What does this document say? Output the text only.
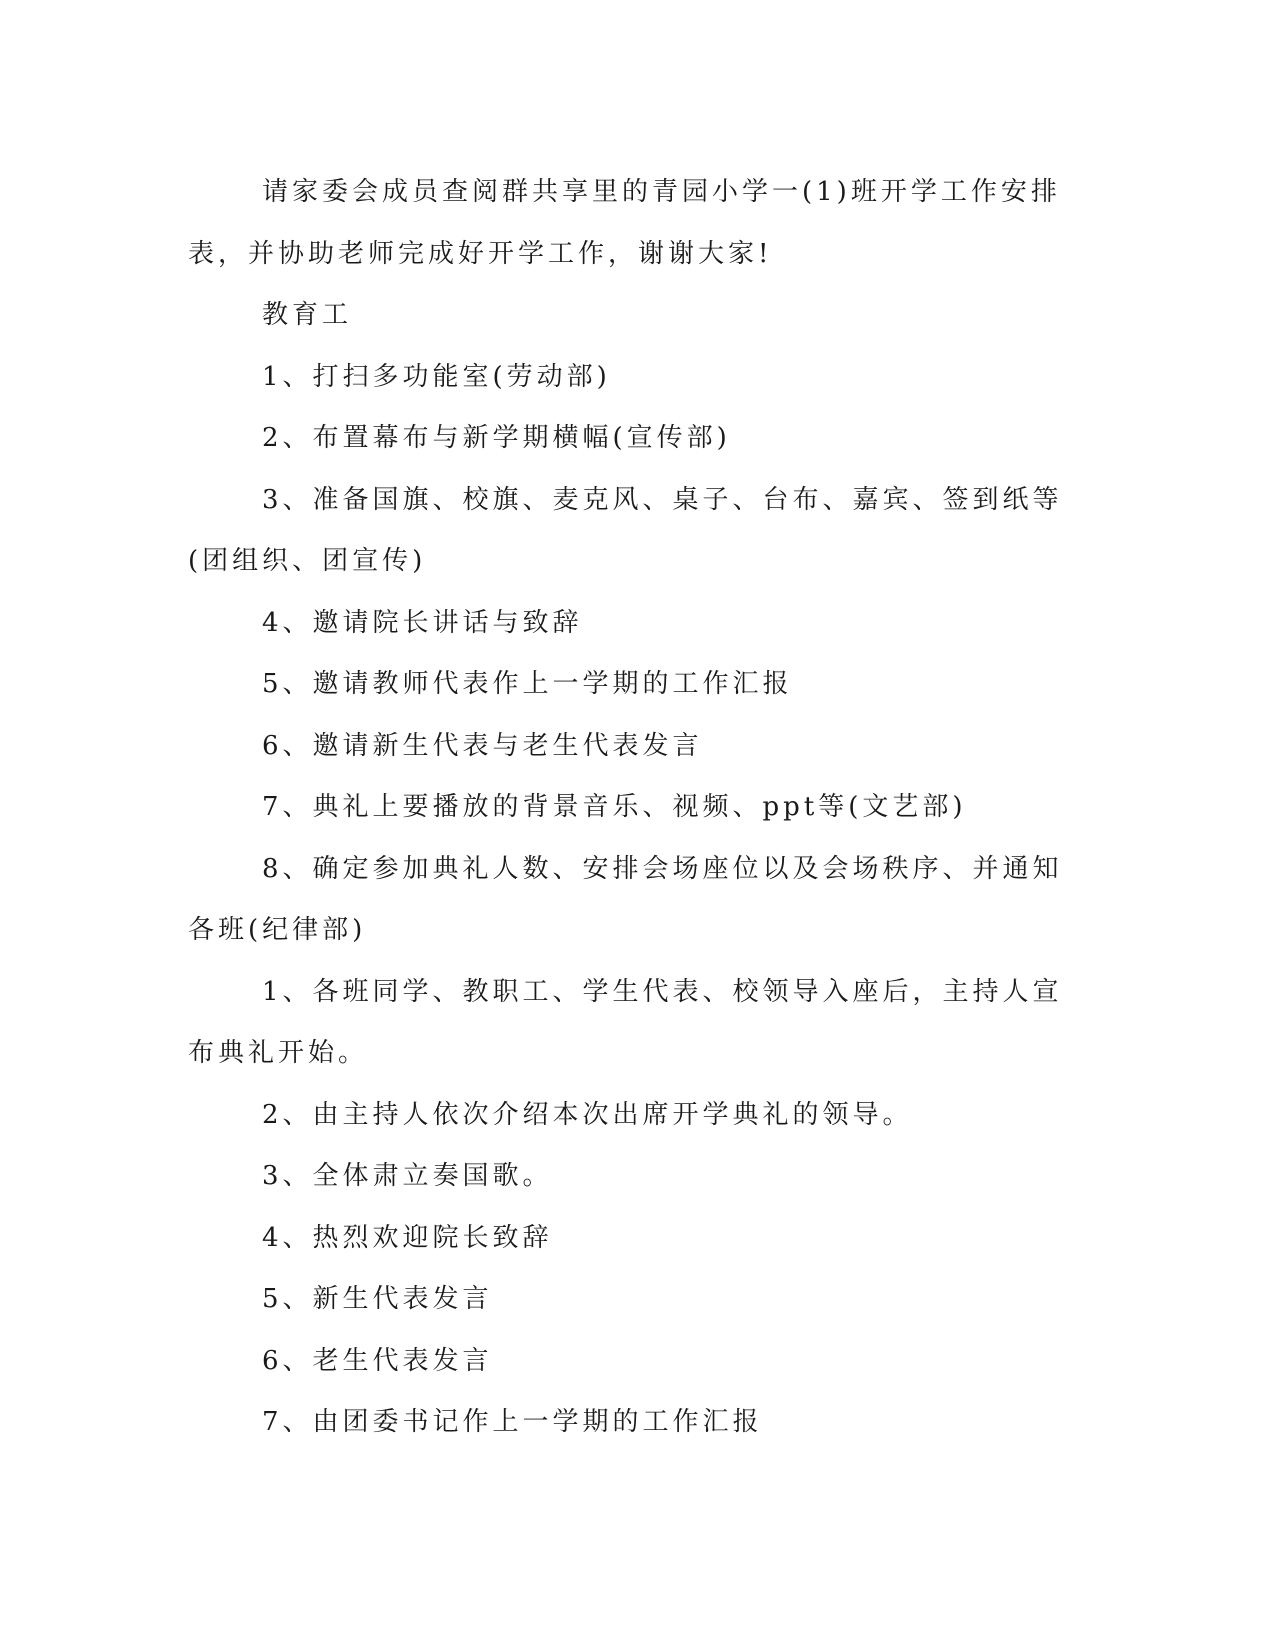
请家委会成员查阅群共享里的青园小学一(1)班开学工作安排表，并协助老师完成好开学工作，谢谢大家!

教育工

1、打扫多功能室(劳动部)

2、布置幕布与新学期横幅(宣传部)

3、准备国旗、校旗、麦克风、桌子、台布、嘉宾、签到纸等(团组织、团宣传)

4、邀请院长讲话与致辞

5、邀请教师代表作上一学期的工作汇报

6、邀请新生代表与老生代表发言

7、典礼上要播放的背景音乐、视频、ppt等(文艺部)

8、确定参加典礼人数、安排会场座位以及会场秩序、并通知各班(纪律部)

1、各班同学、教职工、学生代表、校领导入座后，主持人宣布典礼开始。

2、由主持人依次介绍本次出席开学典礼的领导。

3、全体肃立奏国歌。

4、热烈欢迎院长致辞

5、新生代表发言

6、老生代表发言

7、由团委书记作上一学期的工作汇报
